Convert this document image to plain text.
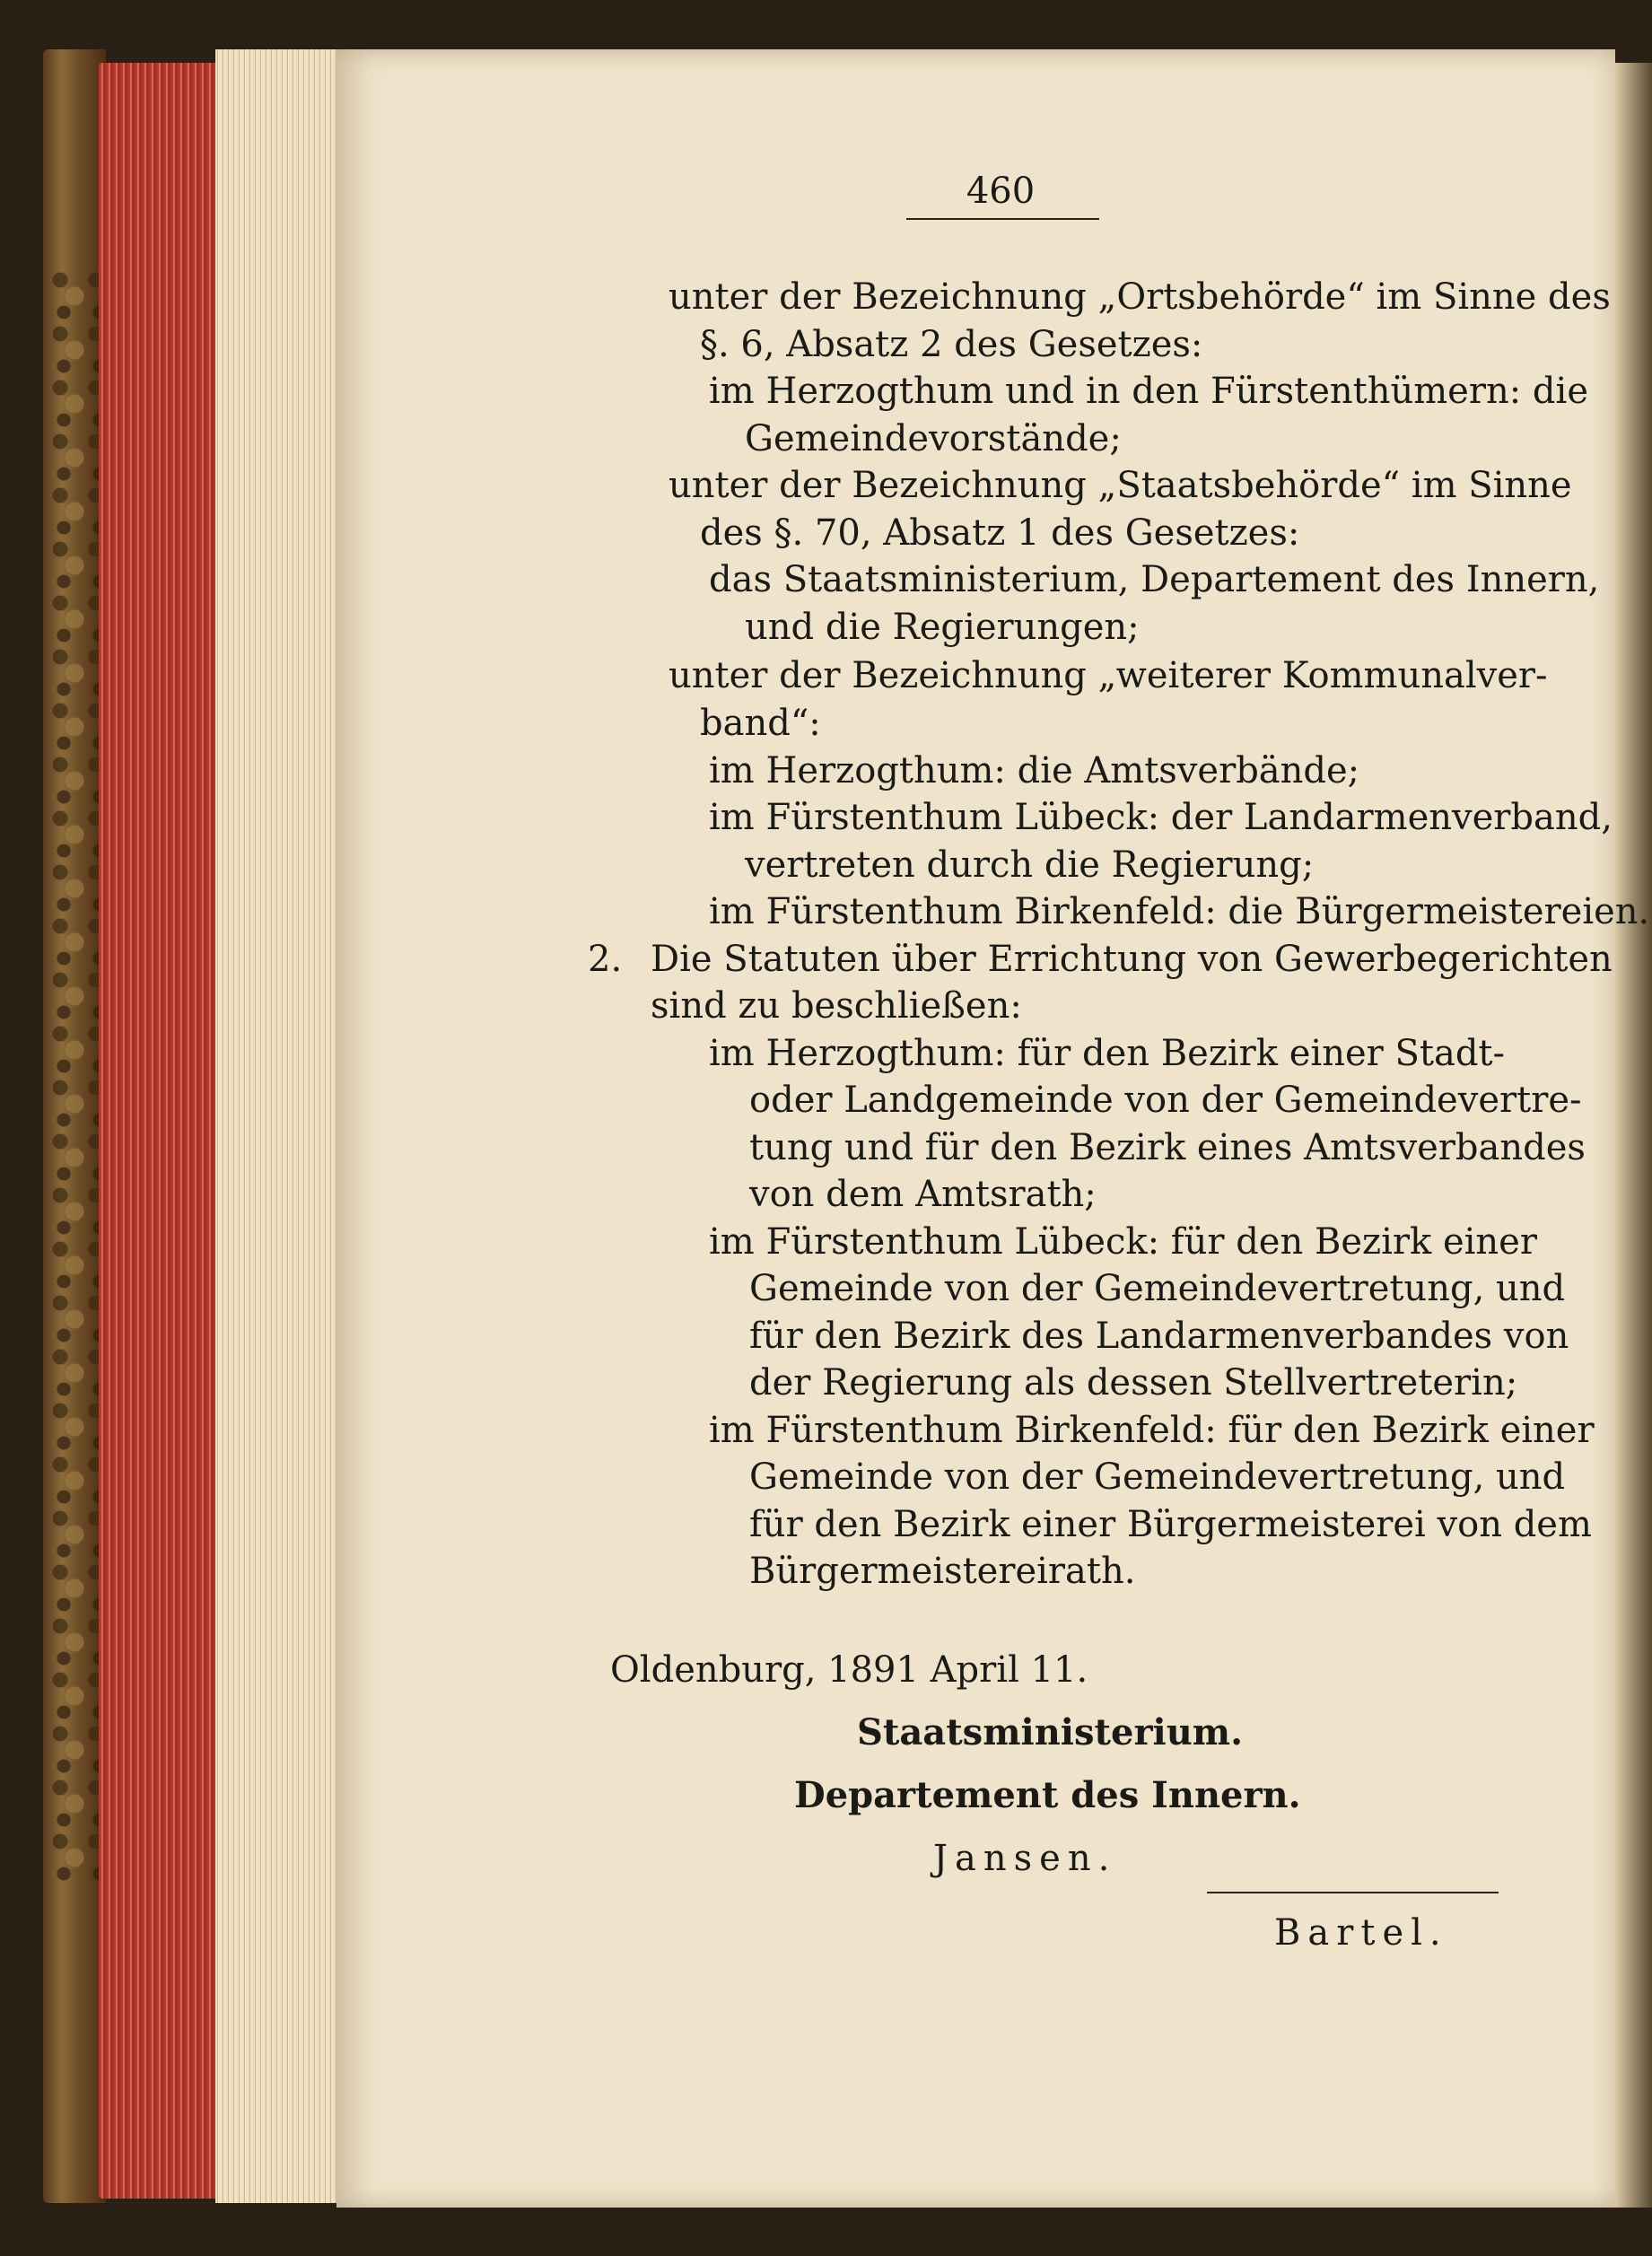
460
unter der Bezeichnung „Ortsbehörde“ im Sinne des
§. 6, Absatz 2 des Gesetzes:
im Herzogthum und in den Fürstenthümern: die
Gemeindevorstände;
unter der Bezeichnung „Staatsbehörde“ im Sinne
des §. 70, Absatz 1 des Gesetzes:
das Staatsministerium, Departement des Innern,
und die Regierungen;
unter der Bezeichnung „weiterer Kommunalver-
band“:
im Herzogthum: die Amtsverbände;
im Fürstenthum Lübeck: der Landarmenverband,
vertreten durch die Regierung;
im Fürstenthum Birkenfeld: die Bürgermeistereien.
2. Die Statuten über Errichtung von Gewerbegerichten
sind zu beschließen:
im Herzogthum: für den Bezirk einer Stadt-
oder Landgemeinde von der Gemeindevertre-
tung und für den Bezirk eines Amtsverbandes
von dem Amtsrath;
im Fürstenthum Lübeck: für den Bezirk einer
Gemeinde von der Gemeindevertretung, und
für den Bezirk des Landarmenverbandes von
der Regierung als dessen Stellvertreterin;
im Fürstenthum Birkenfeld: für den Bezirk einer
Gemeinde von der Gemeindevertretung, und
für den Bezirk einer Bürgermeisterei von dem
Bürgermeistereirath.
Oldenburg, 1891 April 11.
Staatsministerium.
Departement des Innern.
Jansen.
Bartel.
